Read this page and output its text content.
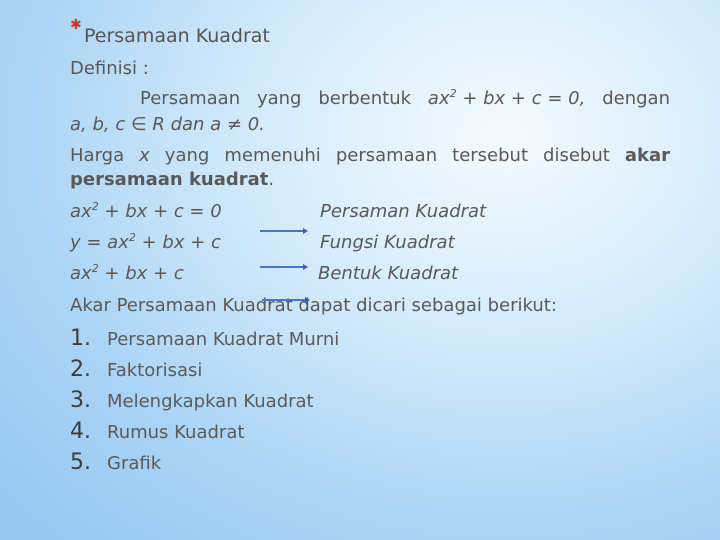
✱ Persamaan Kuadrat
Definisi :
Persamaan yang berbentuk $ax^2$ + bx + c = 0, dengan
a, b, c ∈ R dan a ≠ 0.
Harga x yang memenuhi persamaan tersebut disebut akar
persamaan kuadrat.
$ax^2$ + bx + c = 0	Persaman Kuadrat
$y = ax^2$ + bx + c	Fungsi Kuadrat
$ax^2$ + bx + c	Bentuk Kuadrat
Akar Persamaan Kuadrat dapat dicari sebagai berikut:
1. Persamaan Kuadrat Murni
2. Faktorisasi
3. Melengkapkan Kuadrat
4. Rumus Kuadrat
5. Grafik
